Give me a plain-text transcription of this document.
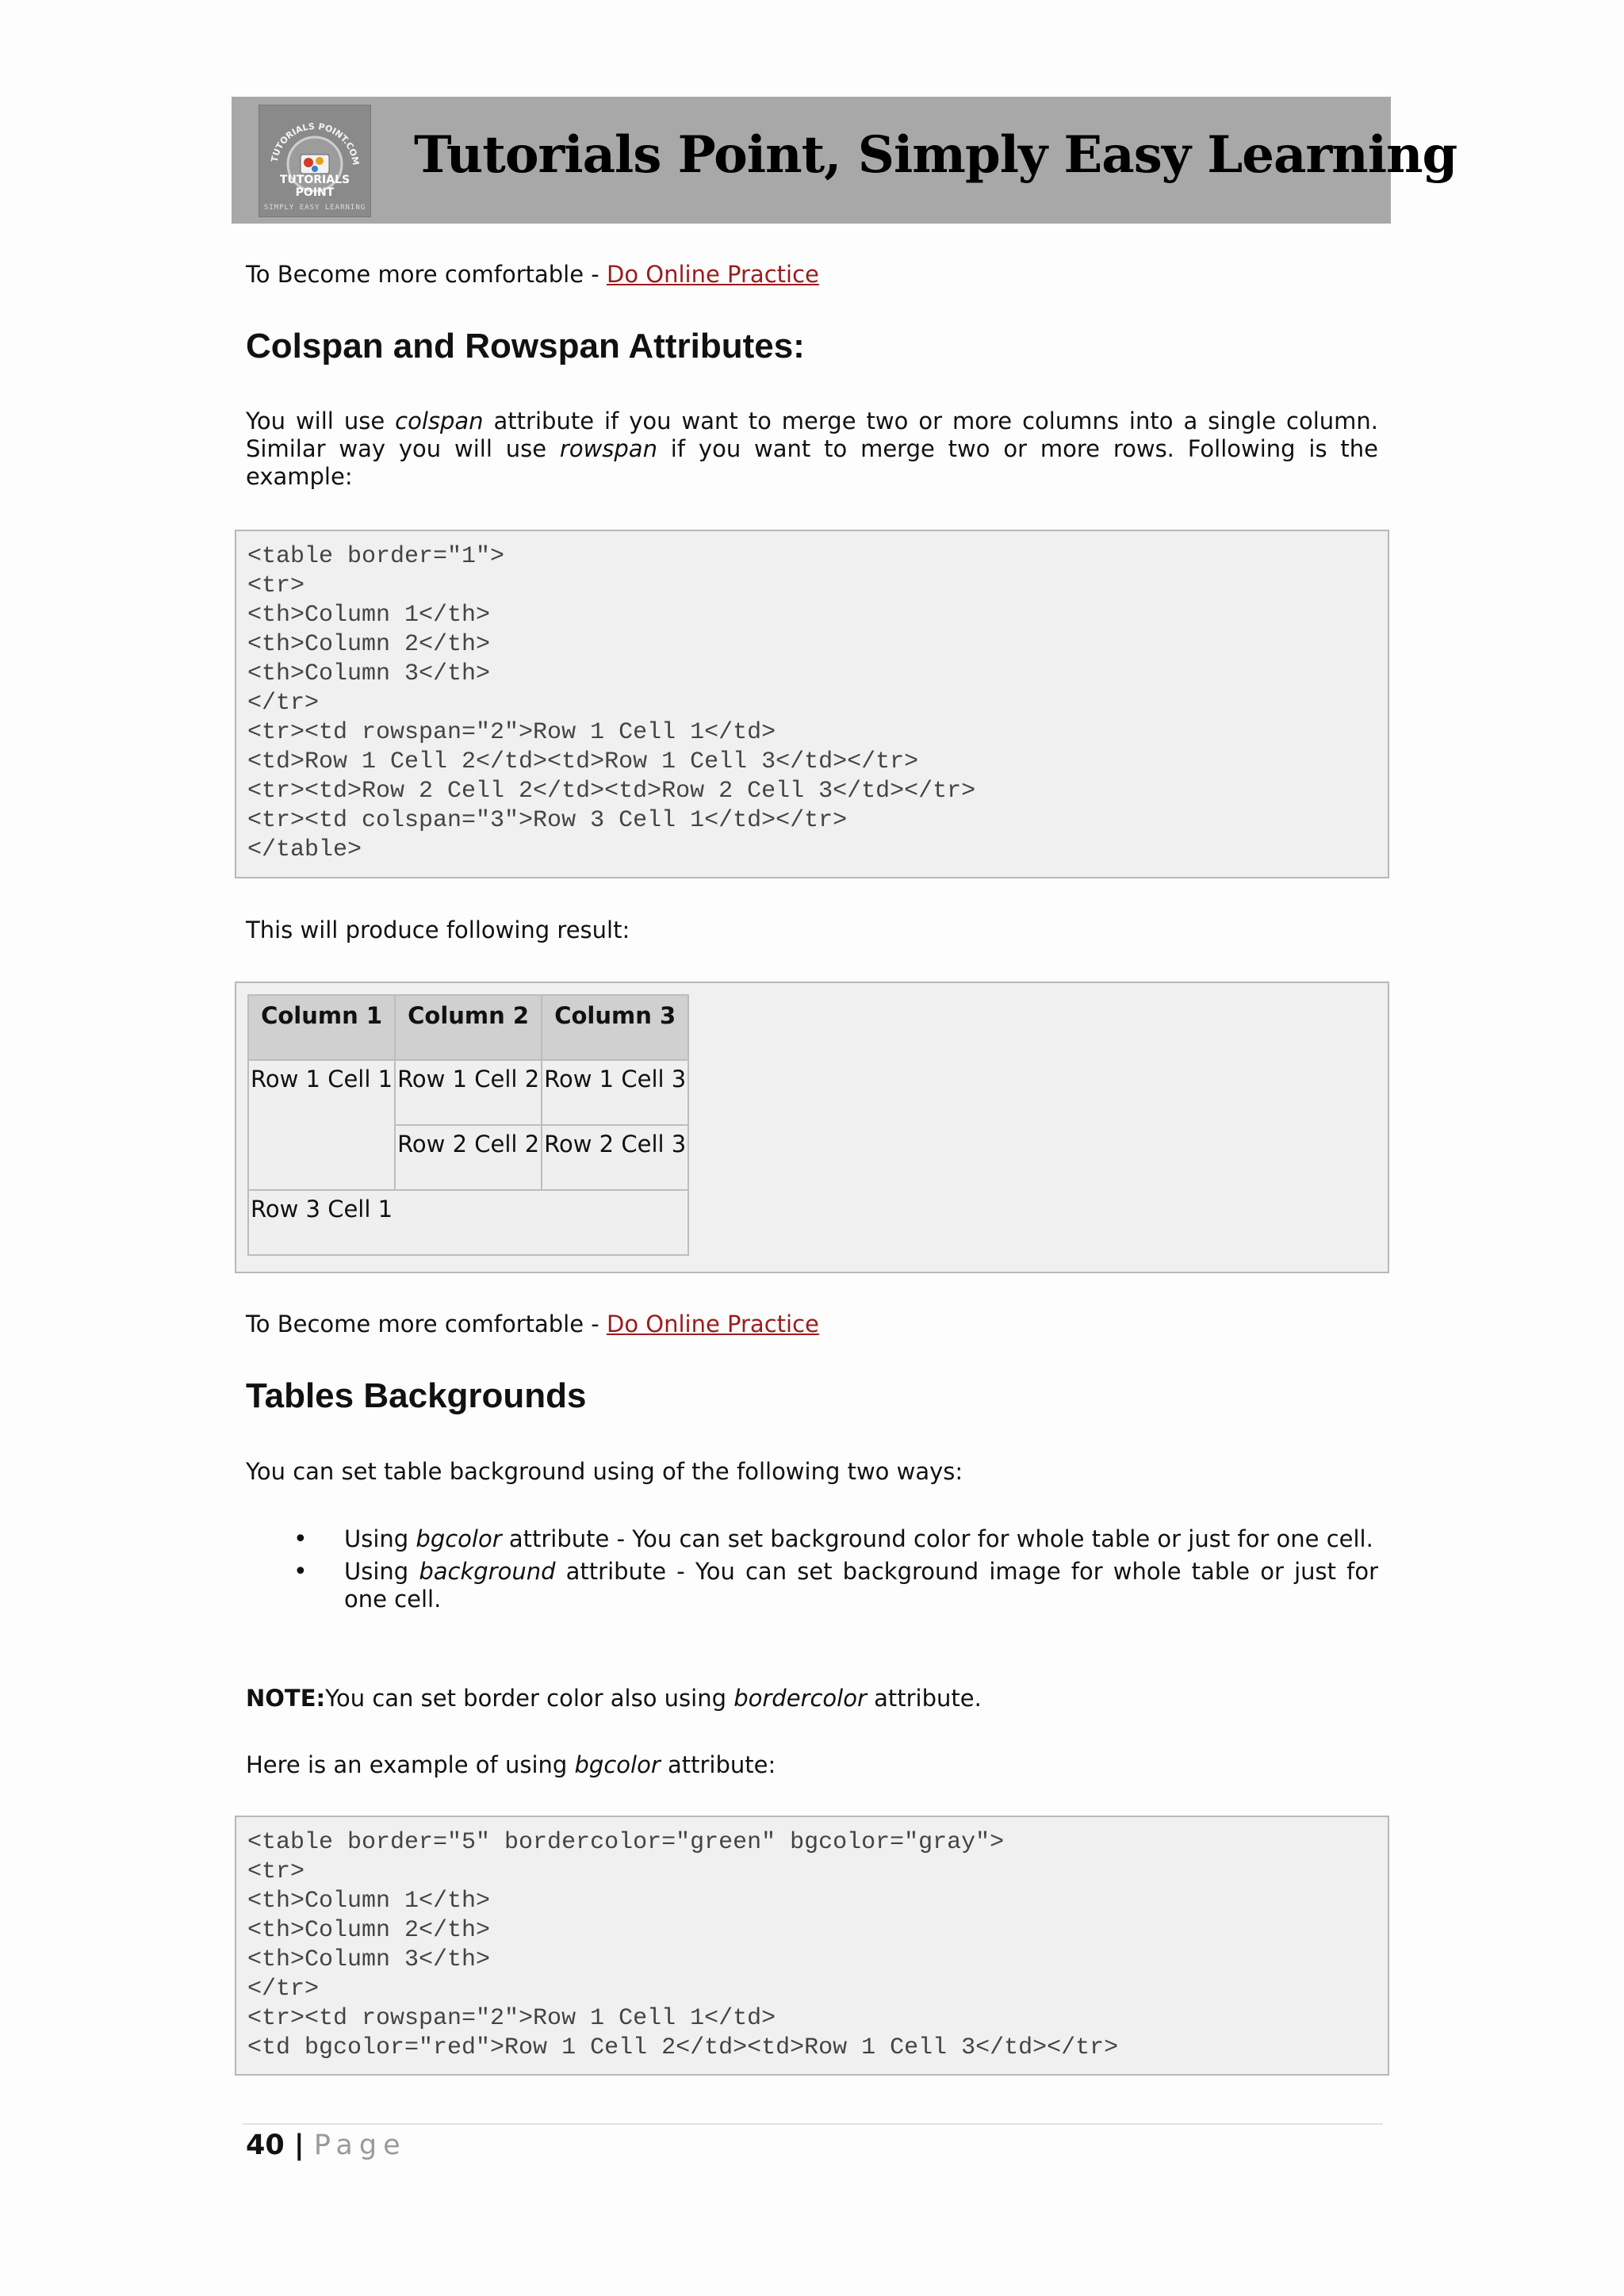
TUTORIALS POINT.COM
TUTORIALS POINT
SIMPLY EASY LEARNING
Tutorials Point, Simply Easy Learning
To Become more comfortable - Do Online Practice
Colspan and Rowspan Attributes:
You will use colspan attribute if you want to merge two or more columns into a single column. Similar way you will use rowspan if you want to merge two or more rows. Following is the example:
<table border="1">
<tr>
<th>Column 1</th>
<th>Column 2</th>
<th>Column 3</th>
</tr>
<tr><td rowspan="2">Row 1 Cell 1</td>
<td>Row 1 Cell 2</td><td>Row 1 Cell 3</td></tr>
<tr><td>Row 2 Cell 2</td><td>Row 2 Cell 3</td></tr>
<tr><td colspan="3">Row 3 Cell 1</td></tr>
</table>
This will produce following result:
Column 1	Column 2	Column 3
Row 1 Cell 1	Row 1 Cell 2	Row 1 Cell 3
	Row 2 Cell 2	Row 2 Cell 3
Row 3 Cell 1		
To Become more comfortable - Do Online Practice
Tables Backgrounds
You can set table background using of the following two ways:
• Using bgcolor attribute - You can set background color for whole table or just for one cell.
• Using background attribute - You can set background image for whole table or just for one cell.
NOTE:You can set border color also using bordercolor attribute.
Here is an example of using bgcolor attribute:
<table border="5" bordercolor="green" bgcolor="gray">
<tr>
<th>Column 1</th>
<th>Column 2</th>
<th>Column 3</th>
</tr>
<tr><td rowspan="2">Row 1 Cell 1</td>
<td bgcolor="red">Row 1 Cell 2</td><td>Row 1 Cell 3</td></tr>
40 | Page
